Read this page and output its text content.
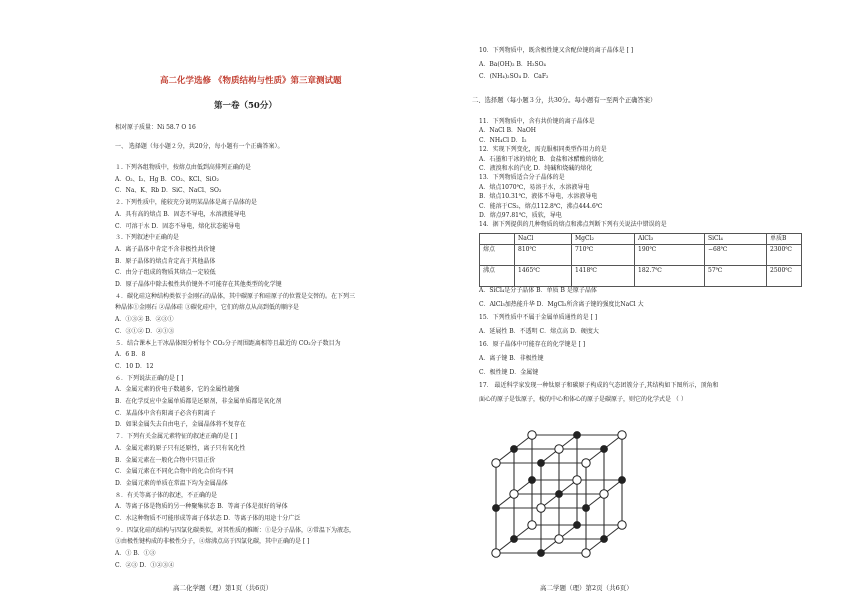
高二化学选修 《物质结构与性质》第三章测试题
第一卷（50分）
相对原子质量：Ni 58.7 O 16
一、 选择题（每小题２分，共20分，每小题有一个正确答案）。
１. 下列各组物质中，按熔点由低到高排列正确的是
A．O₂、I₂、Hg B．CO₂、KCl、SiO₂
C．Na、K、Rb D．SiC、NaCl、SO₂
２. 下列性质中，能较充分说明某晶体是离子晶体的是
A．具有高的熔点 B．固态不导电，水溶液能导电
C．可溶于水 D．固态不导电，熔化状态能导电
３. 下列叙述中正确的是
A．离子晶体中肯定不含非极性共价键
B．原子晶体的熔点肯定高于其他晶体
C．由分子组成的物质其熔点一定较低
D．原子晶体中除去极性共价键外不可能存在其他类型的化学键
４．碳化硅这种结构类似于金刚石的晶体，其中碳原子和硅原子的位置是交替的。在下列三
种晶体①金刚石 ②晶体硅 ③碳化硅中，它们的熔点从高到低的顺序是
A．①③② B．②③①
C．③①② D．②①③
５．结合课本上干冰晶体图分析每个 CO₂分子周围距离相等且最近的 CO₂分子数目为
A．6 B．8
C．10 D．12
６．下列说法正确的是 [ ]
A．金属元素的价电子数越多，它的金属性越强
B．在化学反应中金属单质都是还原剂，非金属单质都是氧化剂
C．某晶体中含有阳离子必含有阴离子
D．如果金属失去自由电子，金属晶体将不复存在
７．下列有关金属元素特征的叙述正确的是 [ ]
A．金属元素的原子只有还原性，离子只有氧化性
B．金属元素在一般化合物中只显正价
C．金属元素在不同化合物中的化合价均不同
D．金属元素的单质在常温下均为金属晶体
８．有关等离子体的叙述，不正确的是
A．等离子体是物质的另一种聚集状态 B．等离子体是很好的导体
C．水这种物质不可能形成等离子体状态 D．等离子体的用途十分广泛
９．四氯化硅的结构与四氯化碳类似，对其性质的推断：①是分子晶体，②常温下为液态，
③由极性键构成的非极性分子，④熔沸点高于四氯化碳，其中正确的是 [ ]
A．① B．①③
C．②③ D．①②③④
高二化学题（理）第1页（共6页）	高二学题（理）第2页（共6页）
10．下列物质中，既含极性键又含配位键的离子晶体是 [ ]
A．Ba(OH)₂ B．H₂SO₄
C．(NH₄)₂SO₄ D．CaF₂
二、选择题（每小题３分，共30分。每小题有一至两个正确答案）
11．下列物质中，含有共价键的离子晶体是
A．NaCl B．NaOH
C．NH₄Cl D．I₂
12．实现下列变化，需克服相同类型作用力的是
A．石墨和干冰的熔化 B．食盐和冰醋酸的熔化
C．液溴和水的汽化 D．纯碱和烧碱的熔化
13．下列物质适合分子晶体的是
A．熔点1070℃，易溶于水，水溶液导电
B．熔点10.31℃，液体不导电，水溶液导电
C．能溶于CS₂，熔点112.8℃，沸点444.6℃
D．熔点97.81℃，质软，导电
14．据下列提供的几种物质的熔点和沸点判断下列有关说法中错误的是
	NaCl	MgCl₂	AlCl₃	SiCl₄	单质B
熔点	810℃	710℃	190℃	−68℃	2300℃
沸点	1465℃	1418℃	182.7℃	57℃	2500℃
A．SiCl₄是分子晶体 B．单质 B 是原子晶体
C．AlCl₃加热能升华 D．MgCl₂所含离子键的强度比NaCl 大
15．下列性质中不属于金属单质通性的是 [ ]
A．延展性 B．不透明 C．熔点高 D．硬度大
16．原子晶体中可能存在的化学键是 [ ]
A．离子键 B．非极性键
C．极性键 D．金属键
17． 最近科学家发现一种钛原子和碳原子构成的气态团簇分子,其结构如下图所示，顶角和
面心的原子是钛原子，棱的中心和体心的原子是碳原子，则它的化学式是 （ ）
